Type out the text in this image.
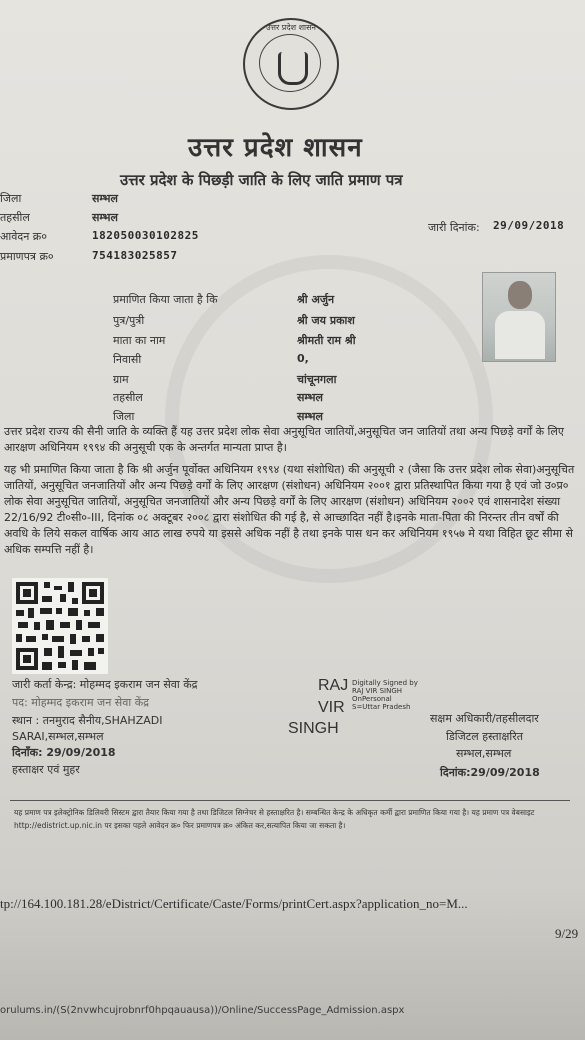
उत्तर प्रदेश शासन
उत्तर प्रदेश शासन
उत्तर प्रदेश के पिछड़ी जाति के लिए जाति प्रमाण पत्र
जिला	सम्भल
तहसील	सम्भल
आवेदन क्र०	182050030102825
प्रमाणपत्र क्र०	754183025857
जारी दिनांक: 29/09/2018
प्रमाणित किया जाता है कि	श्री अर्जुन
पुत्र/पुत्री	श्री जय प्रकाश
माता का नाम	श्रीमती राम श्री
निवासी	0,
ग्राम	चांचूनगला
तहसील	सम्भल
जिला	सम्भल
उत्तर प्रदेश राज्य की सैनी जाति के व्यक्ति हैं यह उत्तर प्रदेश लोक सेवा अनुसूचित जातियों,अनुसूचित जन जातियों तथा अन्य पिछड़े वर्गों के लिए आरक्षण अधिनियम १९९४ की अनुसूची एक के अन्तर्गत मान्यता प्राप्त है।
यह भी प्रमाणित किया जाता है कि श्री अर्जुन पूर्वोक्त अधिनियम १९९४ (यथा संशोधित) की अनुसूची २ (जैसा कि उत्तर प्रदेश लोक सेवा)अनुसूचित जातियों, अनुसूचित जनजातियों और अन्य पिछड़े वर्गों के लिए आरक्षण (संशोधन) अधिनियम २००१ द्वारा प्रतिस्थापित किया गया है एवं जो उ०प्र० लोक सेवा अनुसूचित जातियों, अनुसूचित जनजातियों और अन्य पिछड़े वर्गों के लिए आरक्षण (संशोधन) अधिनियम २००२ एवं शासनादेश संख्या 22/16/92 टी०सी०-III, दिनांक ०८ अक्टूबर २००८ द्वारा संशोधित की गई है, से आच्छादित नहीं है।इनके माता-पिता की निरन्तर तीन वर्षों की अवधि के लिये सकल वार्षिक आय आठ लाख रुपये या इससे अधिक नहीं है तथा इनके पास धन कर अधिनियम १९५७ मे यथा विहित छूट सीमा से अधिक सम्पत्ति नहीं है।
जारी कर्ता केन्द्र: मोहम्मद इकराम जन सेवा केंद्र
पद: मोहम्मद इकराम जन सेवा केंद्र
स्थान : तनमुराद सैनीय,SHAHZADI
SARAI,सम्भल,सम्भल
दिनाँक: 29/09/2018
हस्ताक्षर एवं मुहर
RAJ Digitally Signed by RAJ VIR SINGH OnPersonal S=Uttar Pradesh
VIR
SINGH
सक्षम अधिकारी/तहसीलदार
डिजिटल हस्ताक्षरित
सम्भल,सम्भल
दिनांक:29/09/2018
यह प्रमाण पत्र इलेक्ट्रोनिक डिलिवरी सिस्टम द्वारा तैयार किया गया है तथा डिजिटल सिग्नेचर से हस्ताक्षरित है। सम्बन्धित केन्द्र के अधिकृत कर्मी द्वारा प्रमाणित किया गया है। यह प्रमाण पत्र वेबसाइट http://edistrict.up.nic.in पर इसका पहले आवेदन क्र० फिर प्रमाणपत्र क्र० अंकित कर,सत्यापित किया जा सकता है।
tp://164.100.181.28/eDistrict/Certificate/Caste/Forms/printCert.aspx?application_no=M...
9/29
orulums.in/(S(2nvwhcujrobnrf0hpqauausa))/Online/SuccessPage_Admission.aspx
